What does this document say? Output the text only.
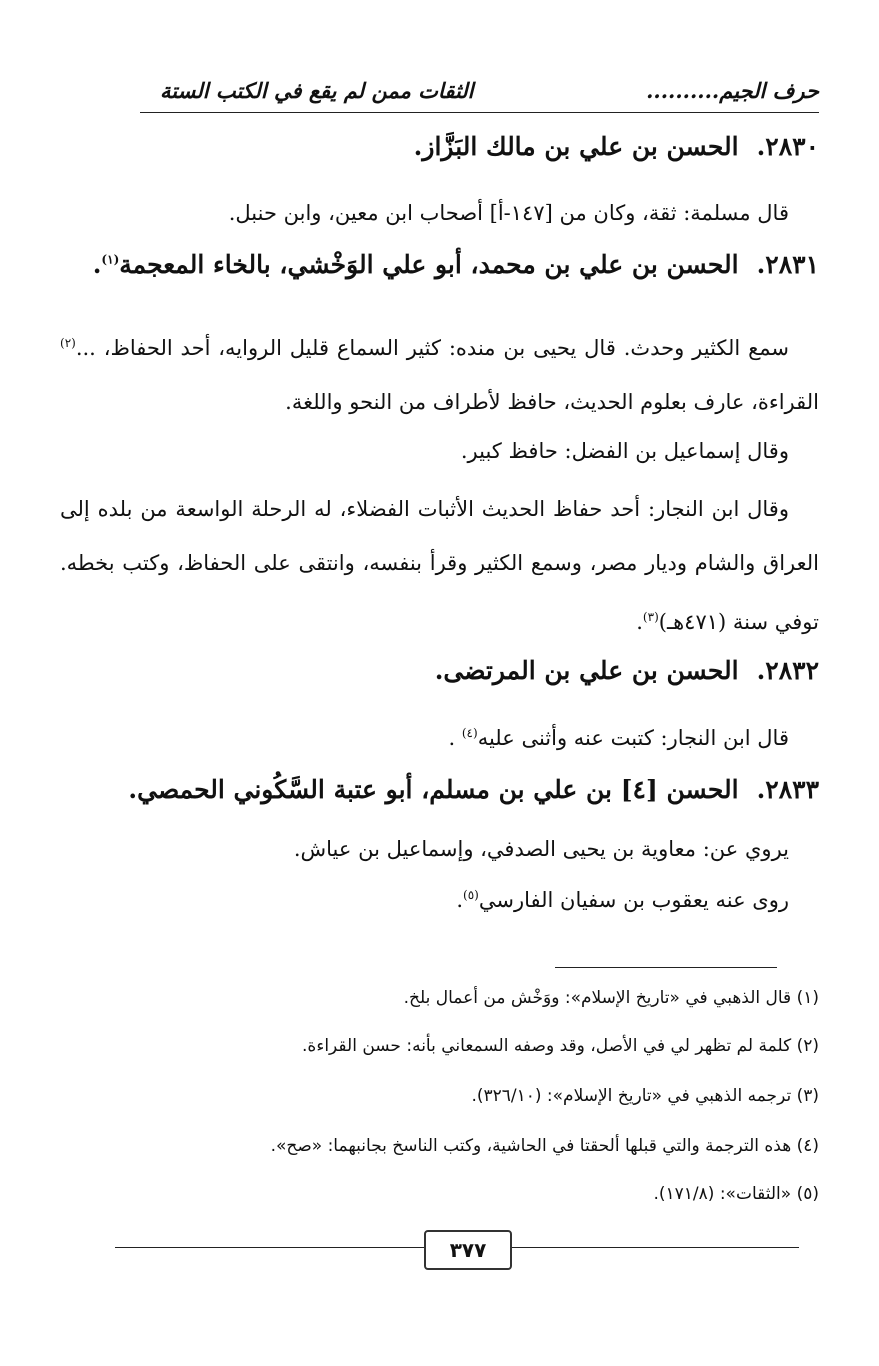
حرف الجيم..........
الثقات ممن لم يقع في الكتب الستة
٢٨٣٠.الحسن بن علي بن مالك البَزَّاز.
قال مسلمة: ثقة، وكان من [١٤٧-أ] أصحاب ابن معين، وابن حنبل.
٢٨٣١.الحسن بن علي بن محمد، أبو علي الوَخْشي، بالخاء المعجمة$^{(١)}$.
سمع الكثير وحدث. قال يحيى بن منده: كثير السماع قليل الروايه، أحد الحفاظ، ...$^{(٢)}$ القراءة، عارف بعلوم الحديث، حافظ لأطراف من النحو واللغة.
وقال إسماعيل بن الفضل: حافظ كبير.
وقال ابن النجار: أحد حفاظ الحديث الأثبات الفضلاء، له الرحلة الواسعة من بلده إلى العراق والشام وديار مصر، وسمع الكثير وقرأ بنفسه، وانتقى على الحفاظ، وكتب بخطه. توفي سنة (٤٧١هـ)$^{(٣)}$.
٢٨٣٢.الحسن بن علي بن المرتضى.
قال ابن النجار: كتبت عنه وأثنى عليه$^{(٤)}$ .
٢٨٣٣.الحسن [٤] بن علي بن مسلم، أبو عتبة السَّكُوني الحمصي.
يروي عن: معاوية بن يحيى الصدفي، وإسماعيل بن عياش.
روى عنه يعقوب بن سفيان الفارسي$^{(٥)}$.
(١) قال الذهبي في «تاريخ الإسلام»: ووَخْش من أعمال بلخ.
(٢) كلمة لم تظهر لي في الأصل، وقد وصفه السمعاني بأنه: حسن القراءة.
(٣) ترجمه الذهبي في «تاريخ الإسلام»: (٣٢٦/١٠).
(٤) هذه الترجمة والتي قبلها ألحقتا في الحاشية، وكتب الناسخ بجانبهما: «صح».
(٥) «الثقات»: (١٧١/٨).
٣٧٧
